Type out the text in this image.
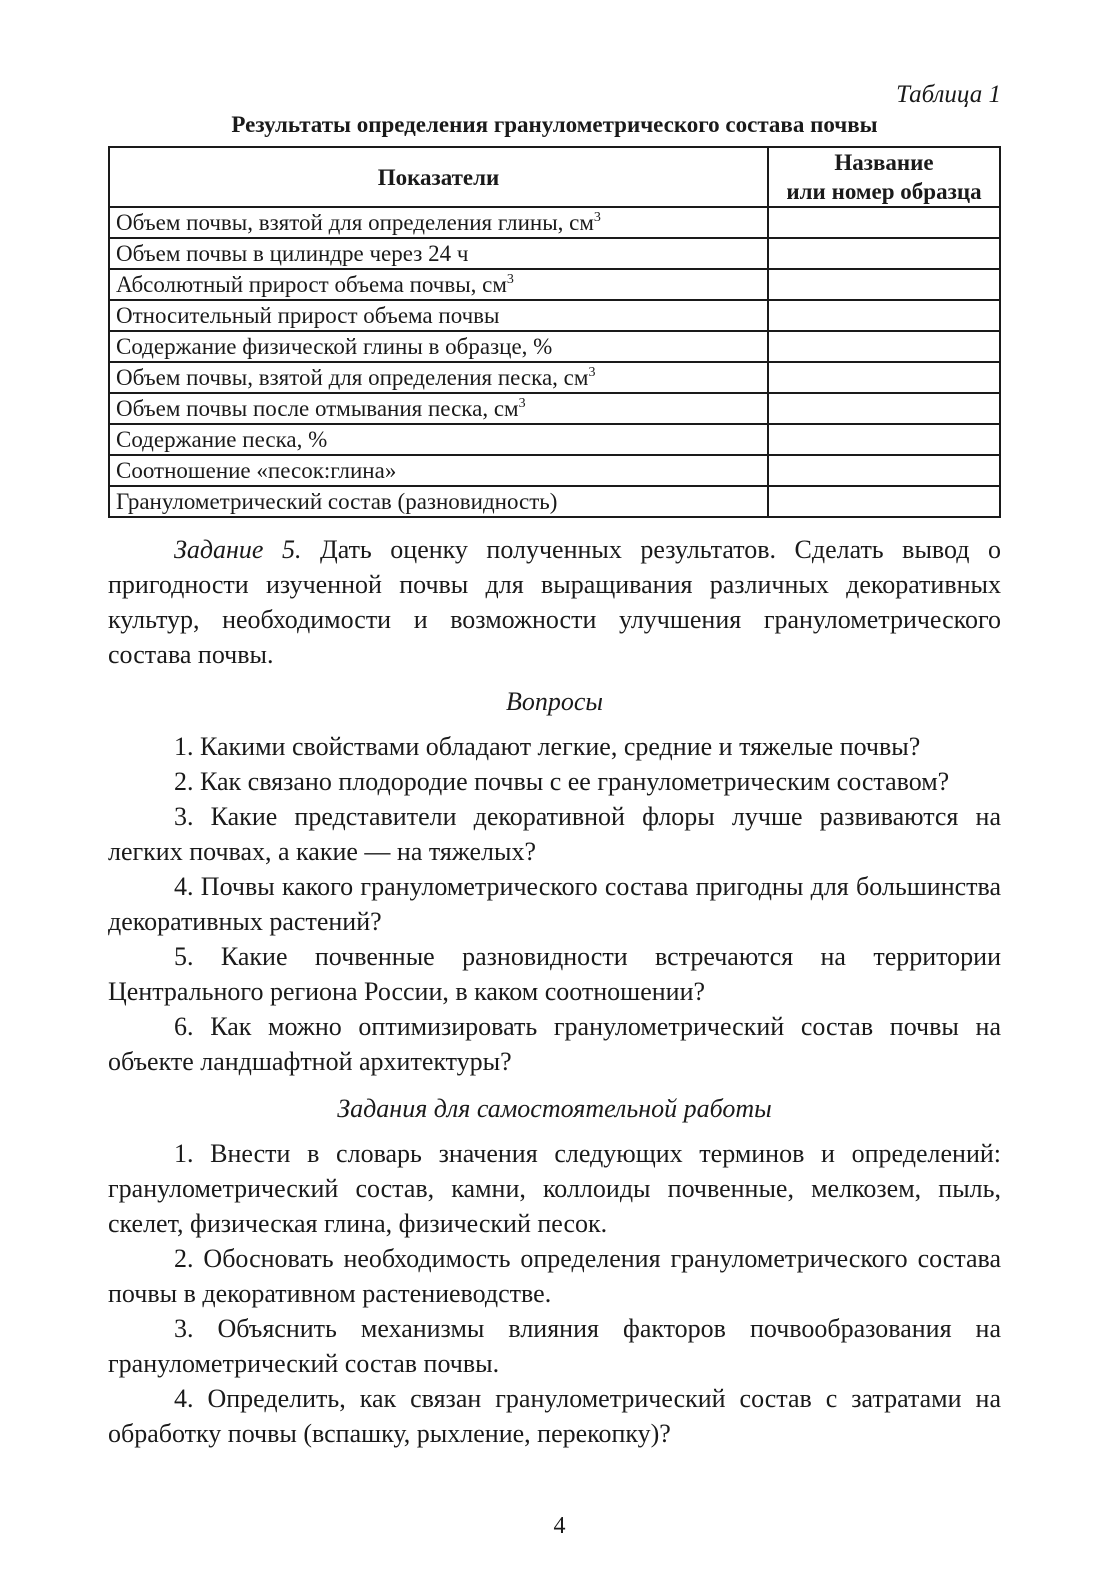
Таблица 1
Результаты определения гранулометрического состава почвы
Показатели	Название
или номер образца

Объем почвы, взятой для определения глины, $см^3$	
Объем почвы в цилиндре через 24 ч	
Абсолютный прирост объема почвы, $см^3$	
Относительный прирост объема почвы	
Содержание физической глины в образце, %	
Объем почвы, взятой для определения песка, $см^3$	
Объем почвы после отмывания песка, $см^3$	
Содержание песка, %	
Соотношение «песок:глина»	
Гранулометрический состав (разновидность)	

Задание 5. Дать оценку полученных результатов. Сделать вывод о пригодности изученной почвы для выращивания различных декоративных культур, необходимости и возможности улучшения гранулометрического состава почвы.

Вопросы

1. Какими свойствами обладают легкие, средние и тяжелые почвы?

2. Как связано плодородие почвы с ее гранулометрическим составом?

3. Какие представители декоративной флоры лучше развиваются на легких почвах, а какие — на тяжелых?

4. Почвы какого гранулометрического состава пригодны для большинства декоративных растений?

5. Какие почвенные разновидности встречаются на территории Центрального региона России, в каком соотношении?

6. Как можно оптимизировать гранулометрический состав почвы на объекте ландшафтной архитектуры?

Задания для самостоятельной работы

1. Внести в словарь значения следующих терминов и определений: гранулометрический состав, камни, коллоиды почвенные, мелкозем, пыль, скелет, физическая глина, физический песок.

2. Обосновать необходимость определения гранулометрического состава почвы в декоративном растениеводстве.

3. Объяснить механизмы влияния факторов почвообразования на гранулометрический состав почвы.

4. Определить, как связан гранулометрический состав с затратами на обработку почвы (вспашку, рыхление, перекопку)?

4
